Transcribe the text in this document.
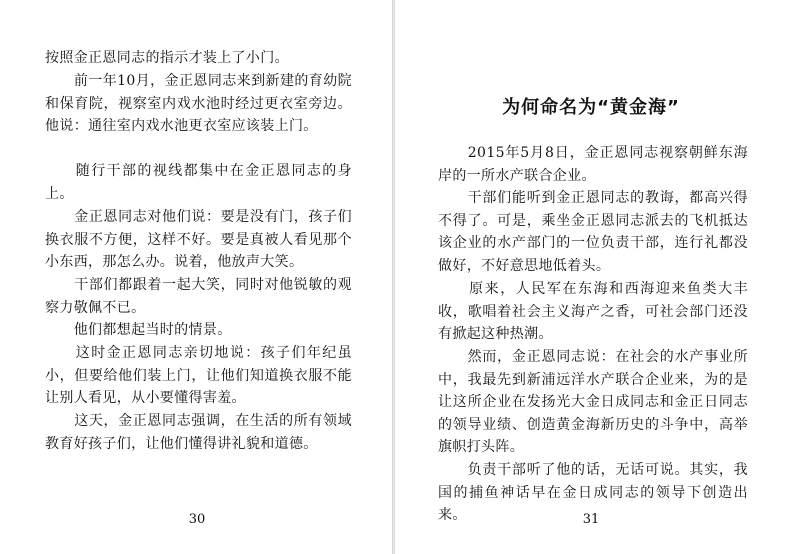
按照金正恩同志的指示才装上了小门。

　　前一年10月，金正恩同志来到新建的育幼院和保育院，视察室内戏水池时经过更衣室旁边。他说：通往室内戏水池更衣室应该装上门。

　　随行干部的视线都集中在金正恩同志的身上。

　　金正恩同志对他们说：要是没有门，孩子们换衣服不方便，这样不好。要是真被人看见那个小东西，那怎么办。说着，他放声大笑。

　　干部们都跟着一起大笑，同时对他锐敏的观察力敬佩不已。

　　他们都想起当时的情景。

　　这时金正恩同志亲切地说：孩子们年纪虽小，但要给他们装上门，让他们知道换衣服不能让别人看见，从小要懂得害羞。

　　这天，金正恩同志强调，在生活的所有领域教育好孩子们，让他们懂得讲礼貌和道德。

30
为何命名为“黄金海”

　　2015年5月8日，金正恩同志视察朝鲜东海岸的一所水产联合企业。

　　干部们能听到金正恩同志的教诲，都高兴得不得了。可是，乘坐金正恩同志派去的飞机抵达该企业的水产部门的一位负责干部，连行礼都没做好，不好意思地低着头。

　　原来，人民军在东海和西海迎来鱼类大丰收，歌唱着社会主义海产之香，可社会部门还没有掀起这种热潮。

　　然而，金正恩同志说：在社会的水产事业所中，我最先到新浦远洋水产联合企业来，为的是让这所企业在发扬光大金日成同志和金正日同志的领导业绩、创造黄金海新历史的斗争中，高举旗帜打头阵。

　　负责干部听了他的话，无话可说。其实，我国的捕鱼神话早在金日成同志的领导下创造出来。	31
